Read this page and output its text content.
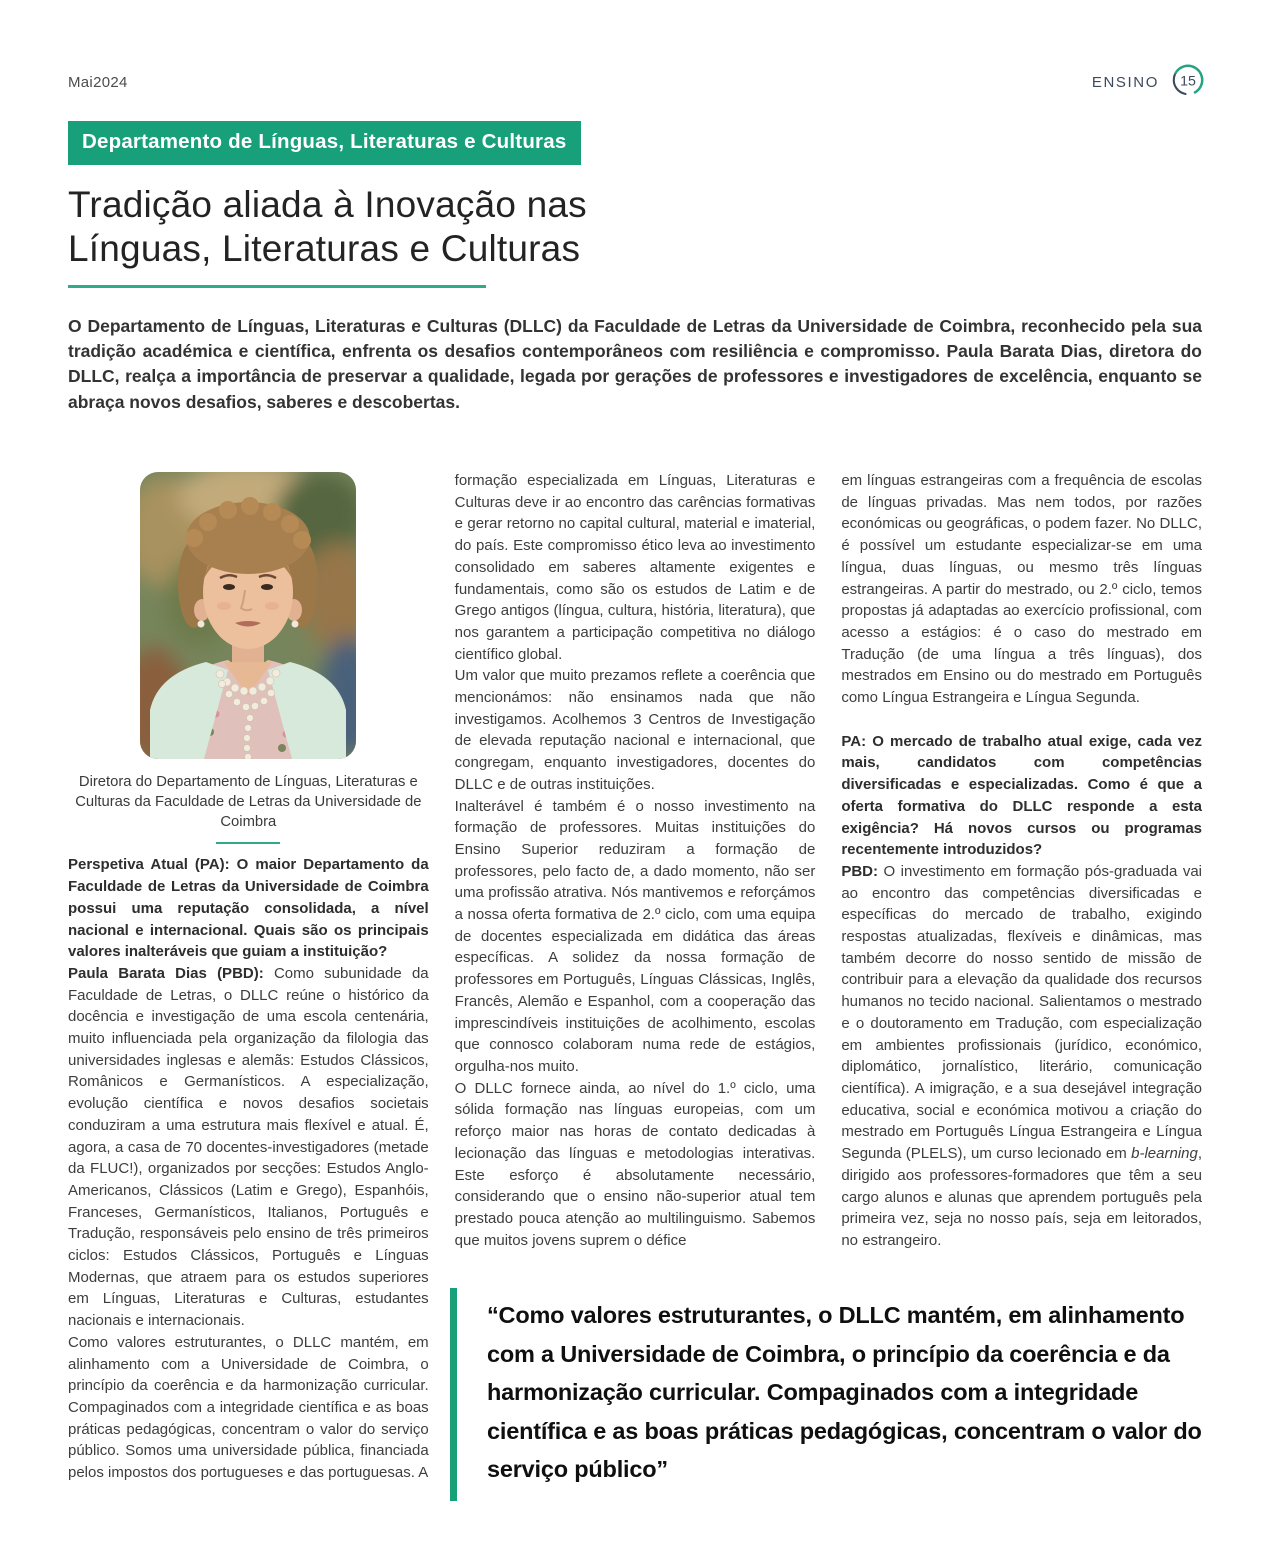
Mai2024	ENSINO 15
Departamento de Línguas, Literaturas e Culturas
Tradição aliada à Inovação nas
Línguas, Literaturas e Culturas

O Departamento de Línguas, Literaturas e Culturas (DLLC) da Faculdade de Letras da Universidade de Coimbra, reconhecido pela sua tradição académica e científica, enfrenta os desafios contemporâneos com resiliência e compromisso. Paula Barata Dias, diretora do DLLC, realça a importância de preservar a qualidade, legada por gerações de professores e investigadores de excelência, enquanto se abraça novos desafios, saberes e descobertas.

Diretora do Departamento de Línguas, Literaturas e Culturas da Faculdade de Letras da Universidade de Coimbra

Perspetiva Atual (PA): O maior Departamento da Faculdade de Letras da Universidade de Coimbra possui uma reputação consolidada, a nível nacional e internacional. Quais são os principais valores inalteráveis que guiam a instituição?

Paula Barata Dias (PBD): Como subunidade da Faculdade de Letras, o DLLC reúne o histórico da docência e investigação de uma escola centenária, muito influenciada pela organização da filologia das universidades inglesas e alemãs: Estudos Clássicos, Românicos e Germanísticos. A especialização, evolução científica e novos desafios societais conduziram a uma estrutura mais flexível e atual. É, agora, a casa de 70 docentes-investigadores (metade da FLUC!), organizados por secções: Estudos Anglo-Americanos, Clássicos (Latim e Grego), Espanhóis, Franceses, Germanísticos, Italianos, Português e Tradução, responsáveis pelo ensino de três primeiros ciclos: Estudos Clássicos, Português e Línguas Modernas, que atraem para os estudos superiores em Línguas, Literaturas e Culturas, estudantes nacionais e internacionais.

Como valores estruturantes, o DLLC mantém, em alinhamento com a Universidade de Coimbra, o princípio da coerência e da harmonização curricular. Compaginados com a integridade científica e as boas práticas pedagógicas, concentram o valor do serviço público. Somos uma universidade pública, financiada pelos impostos dos portugueses e das portuguesas. A

formação especializada em Línguas, Literaturas e Culturas deve ir ao encontro das carências formativas e gerar retorno no capital cultural, material e imaterial, do país. Este compromisso ético leva ao investimento consolidado em saberes altamente exigentes e fundamentais, como são os estudos de Latim e de Grego antigos (língua, cultura, história, literatura), que nos garantem a participação competitiva no diálogo científico global.

Um valor que muito prezamos reflete a coerência que mencionámos: não ensinamos nada que não investigamos. Acolhemos 3 Centros de Investigação de elevada reputação nacional e internacional, que congregam, enquanto investigadores, docentes do DLLC e de outras instituições.

Inalterável é também é o nosso investimento na formação de professores. Muitas instituições do Ensino Superior reduziram a formação de professores, pelo facto de, a dado momento, não ser uma profissão atrativa. Nós mantivemos e reforçámos a nossa oferta formativa de 2.º ciclo, com uma equipa de docentes especializada em didática das áreas específicas. A solidez da nossa formação de professores em Português, Línguas Clássicas, Inglês, Francês, Alemão e Espanhol, com a cooperação das imprescindíveis instituições de acolhimento, escolas que connosco colaboram numa rede de estágios, orgulha-nos muito.

O DLLC fornece ainda, ao nível do 1.º ciclo, uma sólida formação nas línguas europeias, com um reforço maior nas horas de contato dedicadas à lecionação das línguas e metodologias interativas. Este esforço é absolutamente necessário, considerando que o ensino não-superior atual tem prestado pouca atenção ao multilinguismo. Sabemos que muitos jovens suprem o défice

em línguas estrangeiras com a frequência de escolas de línguas privadas. Mas nem todos, por razões económicas ou geográficas, o podem fazer. No DLLC, é possível um estudante especializar-se em uma língua, duas línguas, ou mesmo três línguas estrangeiras. A partir do mestrado, ou 2.º ciclo, temos propostas já adaptadas ao exercício profissional, com acesso a estágios: é o caso do mestrado em Tradução (de uma língua a três línguas), dos mestrados em Ensino ou do mestrado em Português como Língua Estrangeira e Língua Segunda.

PA: O mercado de trabalho atual exige, cada vez mais, candidatos com competências diversificadas e especializadas. Como é que a oferta formativa do DLLC responde a esta exigência? Há novos cursos ou programas recentemente introduzidos?

PBD: O investimento em formação pós-graduada vai ao encontro das competências diversificadas e específicas do mercado de trabalho, exigindo respostas atualizadas, flexíveis e dinâmicas, mas também decorre do nosso sentido de missão de contribuir para a elevação da qualidade dos recursos humanos no tecido nacional. Salientamos o mestrado e o doutoramento em Tradução, com especialização em ambientes profissionais (jurídico, económico, diplomático, jornalístico, literário, comunicação científica). A imigração, e a sua desejável integração educativa, social e económica motivou a criação do mestrado em Português Língua Estrangeira e Língua Segunda (PLELS), um curso lecionado em b-learning, dirigido aos professores-formadores que têm a seu cargo alunos e alunas que aprendem português pela primeira vez, seja no nosso país, seja em leitorados, no estrangeiro.

“Como valores estruturantes, o DLLC mantém, em alinhamento com a Universidade de Coimbra, o princípio da coerência e da harmonização curricular. Compaginados com a integridade científica e as boas práticas pedagógicas, concentram o valor do serviço público”
